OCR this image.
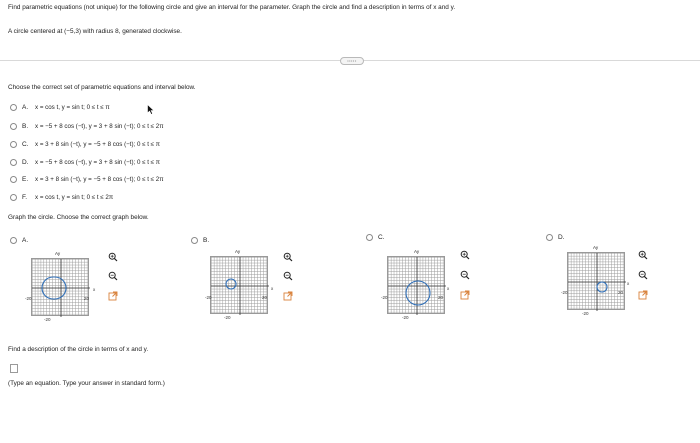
Find parametric equations (not unique) for the following circle and give an interval for the parameter. Graph the circle and find a description in terms of x and y.
A circle centered at (−5,3) with radius 8, generated clockwise.
•••••
Choose the correct set of parametric equations and interval below.
A. x = cos t, y = sin t; 0 ≤ t ≤ π
B. x = −5 + 8 cos (−t), y = 3 + 8 sin (−t); 0 ≤ t ≤ 2π
C. x = 3 + 8 sin (−t), y = −5 + 8 cos (−t); 0 ≤ t ≤ π
D. x = −5 + 8 cos (−t), y = 3 + 8 sin (−t); 0 ≤ t ≤ π
E. x = 3 + 8 sin (−t), y = −5 + 8 cos (−t); 0 ≤ t ≤ 2π
F. x = cos t, y = sin t; 0 ≤ t ≤ 2π
Graph the circle. Choose the correct graph below.
A.
Ay
-20	20
x
-20
B.
Ay
-20	20
x
-20
C.
Ay
-20	20
x
-20
D.
Ay
-20	20
x
-20
Find a description of the circle in terms of x and y.
(Type an equation. Type your answer in standard form.)
